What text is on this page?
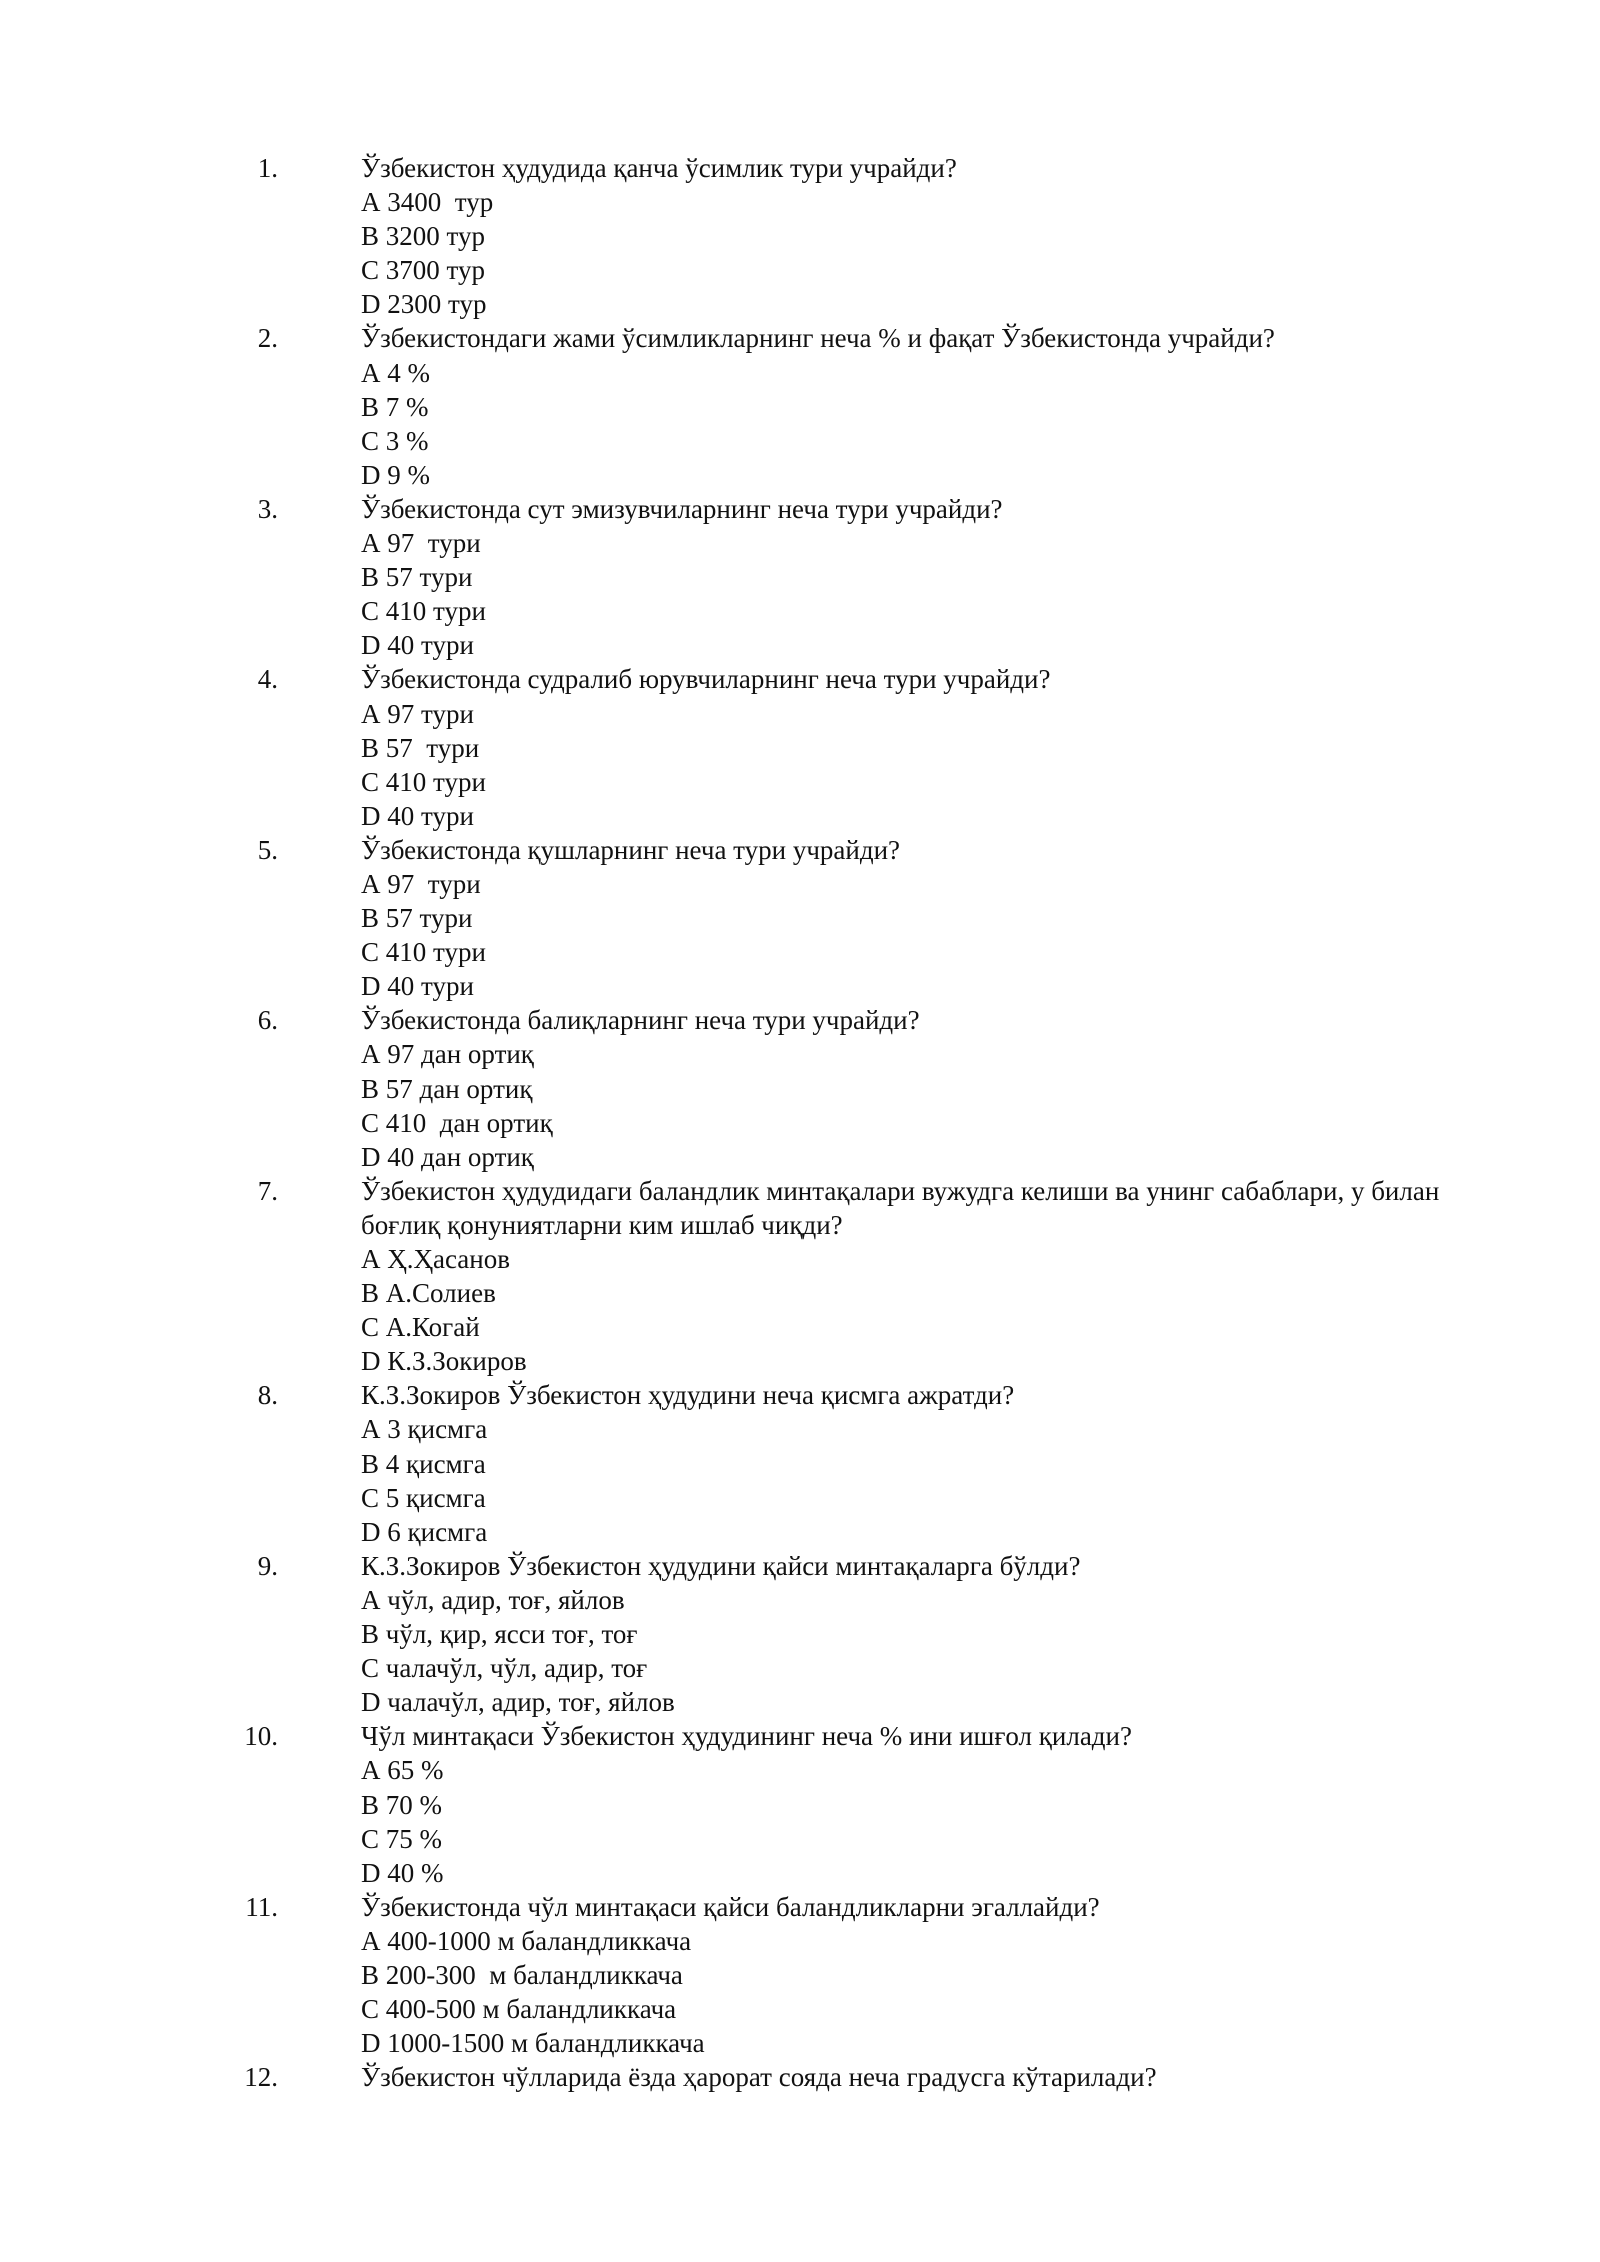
1.	Ўзбекистон ҳудудида қанча ўсимлик тури учрайди?
А 3400  тур
В 3200 тур
С 3700 тур
D 2300 тур
2.	Ўзбекистондаги жами ўсимликларнинг неча % и фақат Ўзбекистонда учрайди?
А 4 %
В 7 %
С 3 %
D 9 %
3.	Ўзбекистонда сут эмизувчиларнинг неча тури учрайди?
А 97  тури
В 57 тури
С 410 тури
D 40 тури
4.	Ўзбекистонда судралиб юрувчиларнинг неча тури учрайди?
А 97 тури
В 57  тури
С 410 тури
D 40 тури
5.	Ўзбекистонда қушларнинг неча тури учрайди?
А 97  тури
В 57 тури
С 410 тури
D 40 тури
6.	Ўзбекистонда балиқларнинг неча тури учрайди?
А 97 дан ортиқ
В 57 дан ортиқ
С 410  дан ортиқ
D 40 дан ортиқ
7.	Ўзбекистон ҳудудидаги баландлик минтақалари вужудга келиши ва унинг сабаблари, у билан боғлиқ қонуниятларни ким ишлаб чиқди?
А Ҳ.Ҳасанов
В А.Солиев
С А.Когай
D К.З.Зокиров
8.	К.З.Зокиров Ўзбекистон ҳудудини неча қисмга ажратди?
А 3 қисмга
В 4 қисмга
С 5 қисмга
D 6 қисмга
9.	К.З.Зокиров Ўзбекистон ҳудудини қайси минтақаларга бўлди?
А чўл, адир, тоғ, яйлов
В чўл, қир, ясси тоғ, тоғ
С чалачўл, чўл, адир, тоғ
D чалачўл, адир, тоғ, яйлов
10.	Чўл минтақаси Ўзбекистон ҳудудининг неча % ини ишғол қилади?
А 65 %
В 70 %
С 75 %
D 40 %
11.	Ўзбекистонда чўл минтақаси қайси баландликларни эгаллайди?
А 400-1000 м баландликкача
В 200-300  м баландликкача
С 400-500 м баландликкача
D 1000-1500 м баландликкача
12.	Ўзбекистон чўлларида ёзда ҳарорат сояда неча градусга кўтарилади?
